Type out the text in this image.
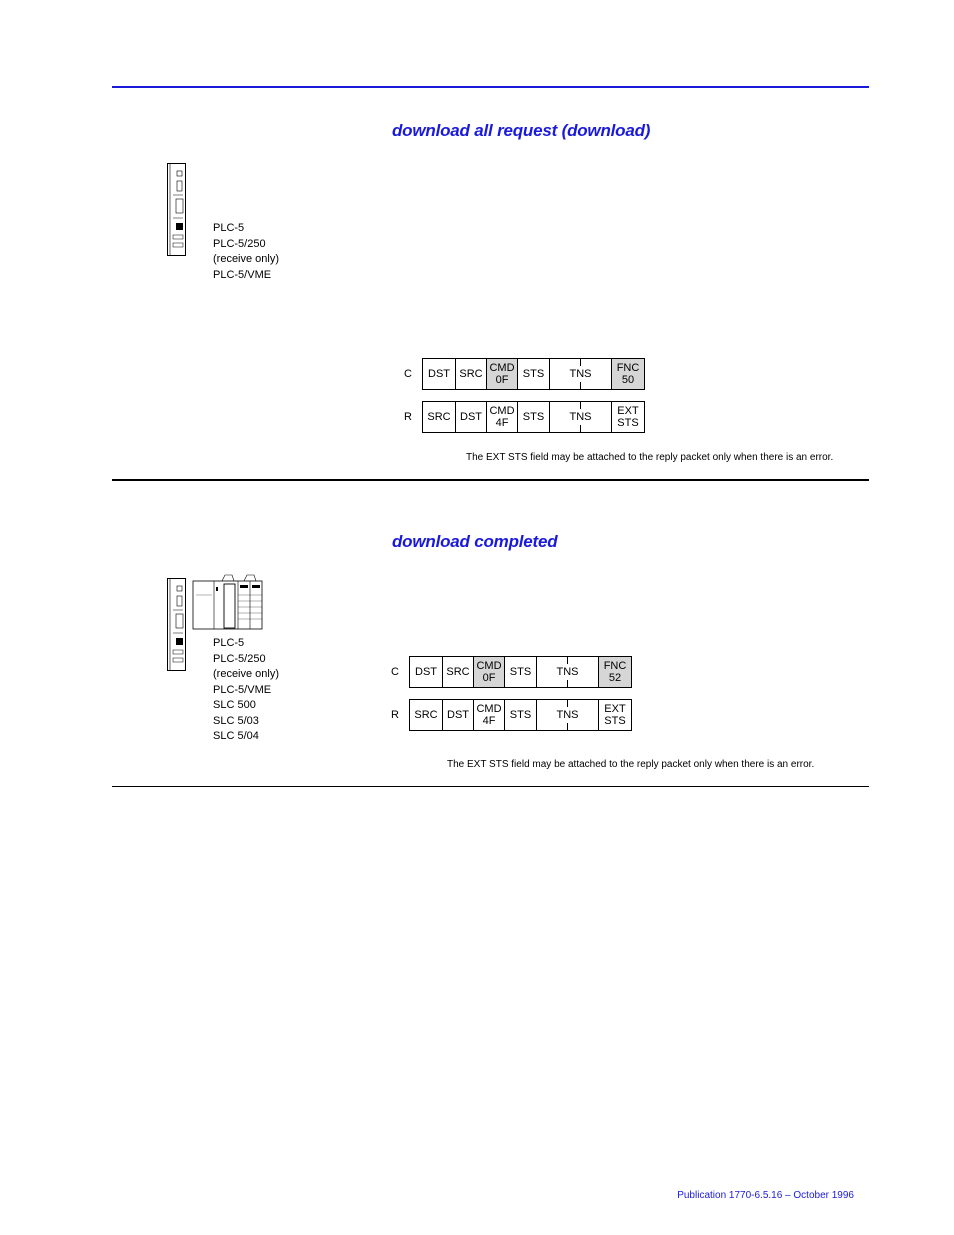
download all request (download)
PLC-5
PLC-5/250
(receive only)
PLC-5/VME
C DST SRC
CMD
0F
STS TNS
FNC
50
R SRC DST
CMD
4F
STS TNS
EXT
STS
The EXT STS field may be attached to the reply packet only when there is an error.
download completed
PLC-5
PLC-5/250
(receive only)
PLC-5/VME
SLC 500
SLC 5/03
SLC 5/04
C DST SRC
CMD
0F
STS TNS
FNC
52
R SRC DST
CMD
4F
STS TNS
EXT
STS
The EXT STS field may be attached to the reply packet only when there is an error.
Publication 1770-6.5.16 – October 1996
